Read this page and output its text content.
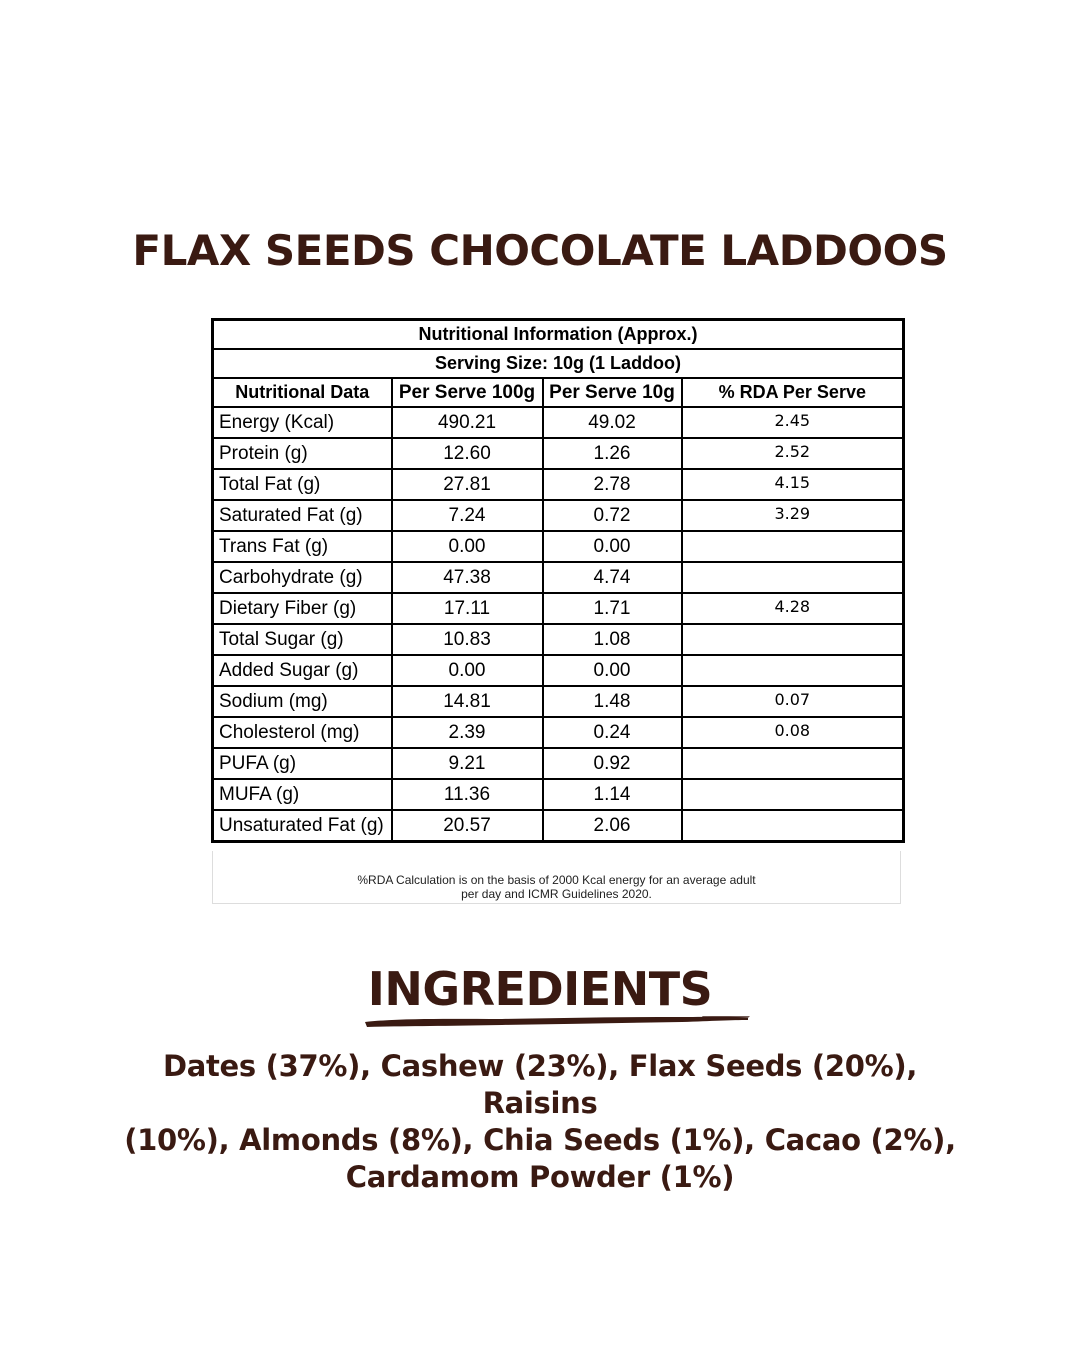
FLAX SEEDS CHOCOLATE LADDOOS
Nutritional Information (Approx.)			
Serving Size: 10g (1 Laddoo)			
Nutritional Data	Per Serve 100g	Per Serve 10g	% RDA Per Serve
Energy (Kcal)	490.21	49.02	2.45
Protein (g)	12.60	1.26	2.52
Total Fat (g)	27.81	2.78	4.15
Saturated Fat (g)	7.24	0.72	3.29
Trans Fat (g)	0.00	0.00	
Carbohydrate (g)	47.38	4.74	
Dietary Fiber (g)	17.11	1.71	4.28
Total Sugar (g)	10.83	1.08	
Added Sugar (g)	0.00	0.00	
Sodium (mg)	14.81	1.48	0.07
Cholesterol (mg)	2.39	0.24	0.08
PUFA (g)	9.21	0.92	
MUFA (g)	11.36	1.14	
Unsaturated Fat (g)	20.57	2.06	
%RDA Calculation is on the basis of 2000 Kcal energy for an average adult
per day and ICMR Guidelines 2020.
INGREDIENTS
Dates (37%), Cashew (23%), Flax Seeds (20%), Raisins
(10%), Almonds (8%), Chia Seeds (1%), Cacao (2%),
Cardamom Powder (1%)
